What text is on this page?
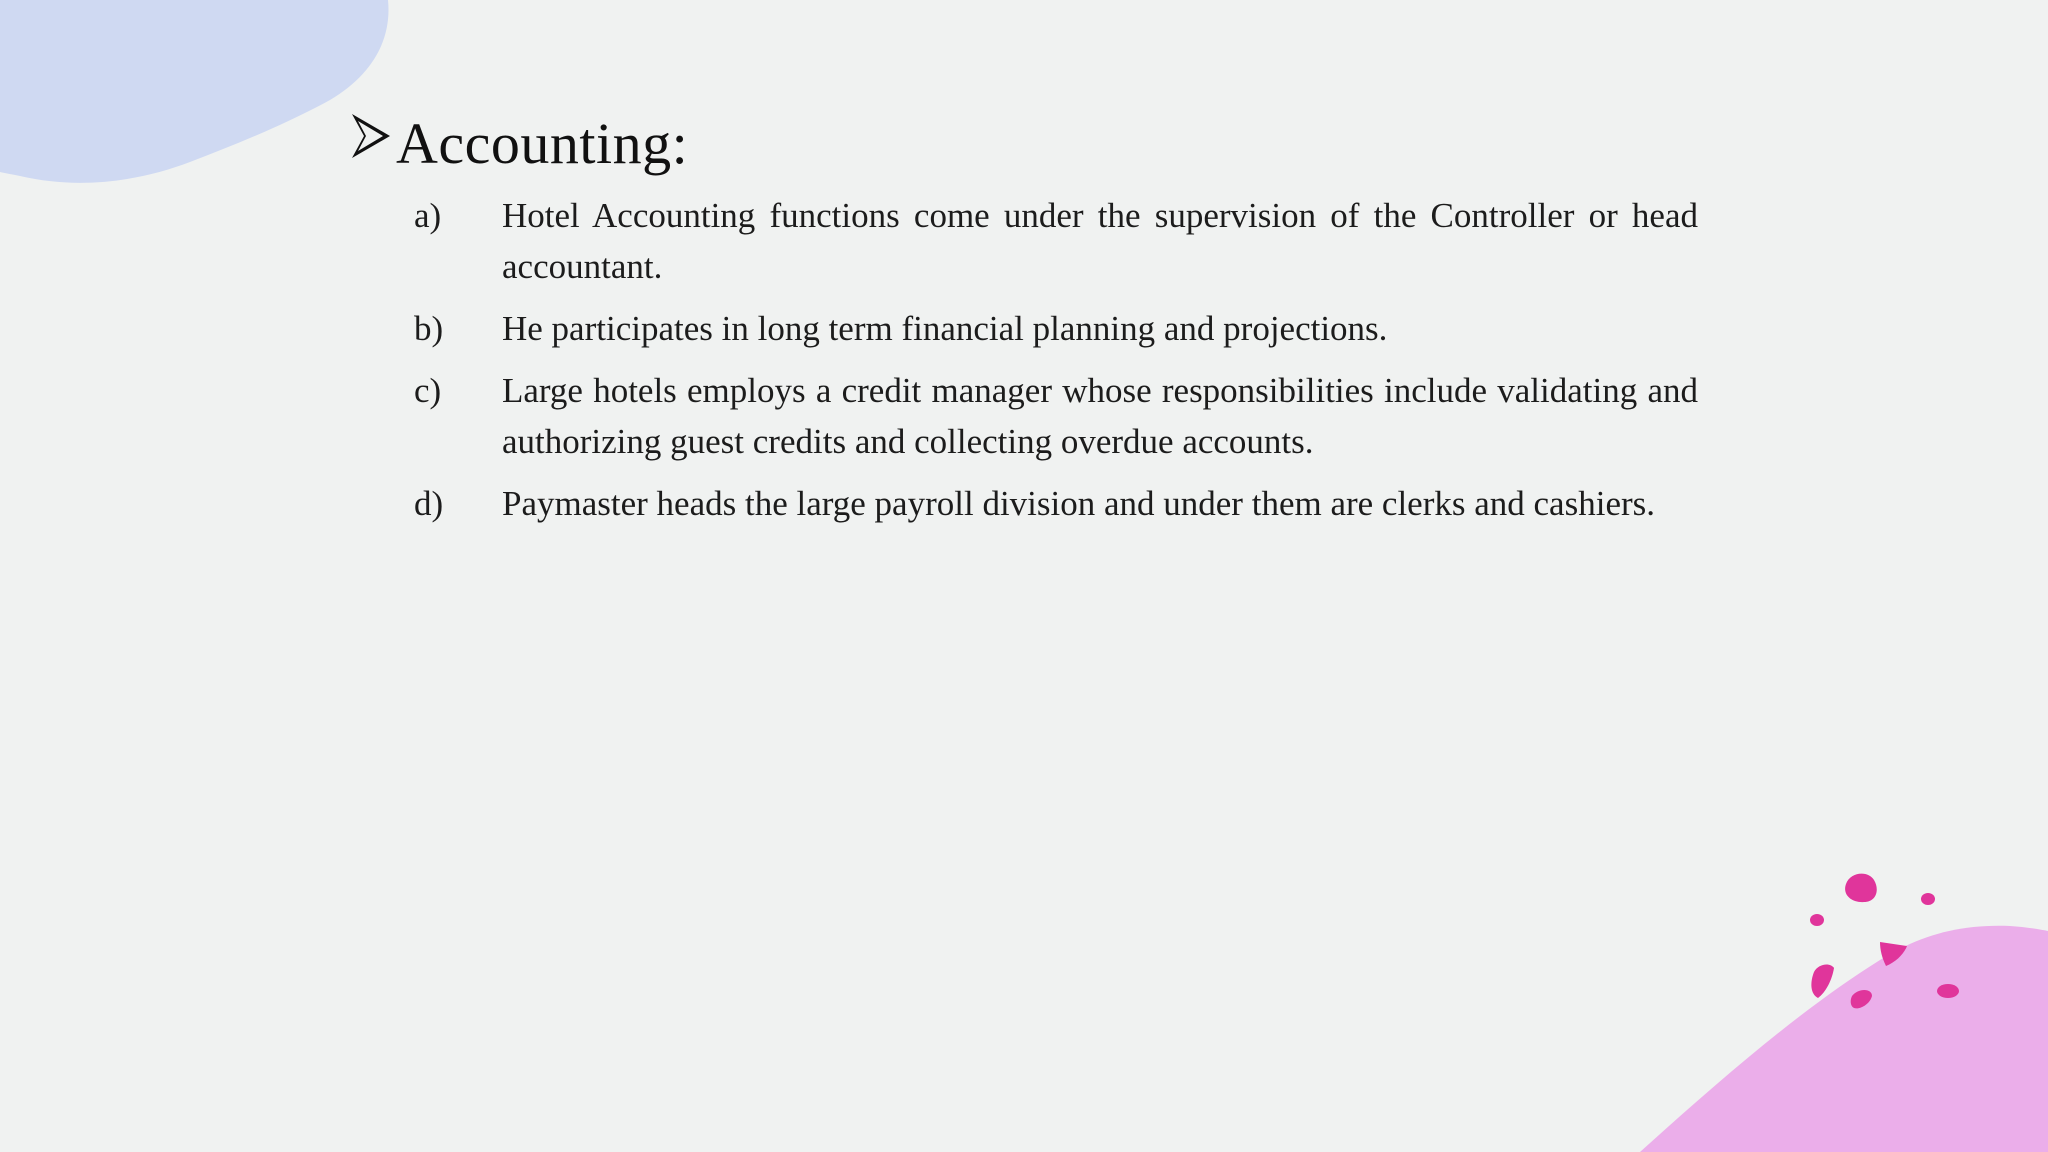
Accounting:
a)	Hotel Accounting functions come under the supervision of the Controller or head accountant.
b)	He participates in long term financial planning and projections.
c)	Large hotels employs a credit manager whose responsibilities include validating and authorizing guest credits and collecting overdue accounts.
d)	Paymaster heads the large payroll division and under them are clerks and cashiers.
